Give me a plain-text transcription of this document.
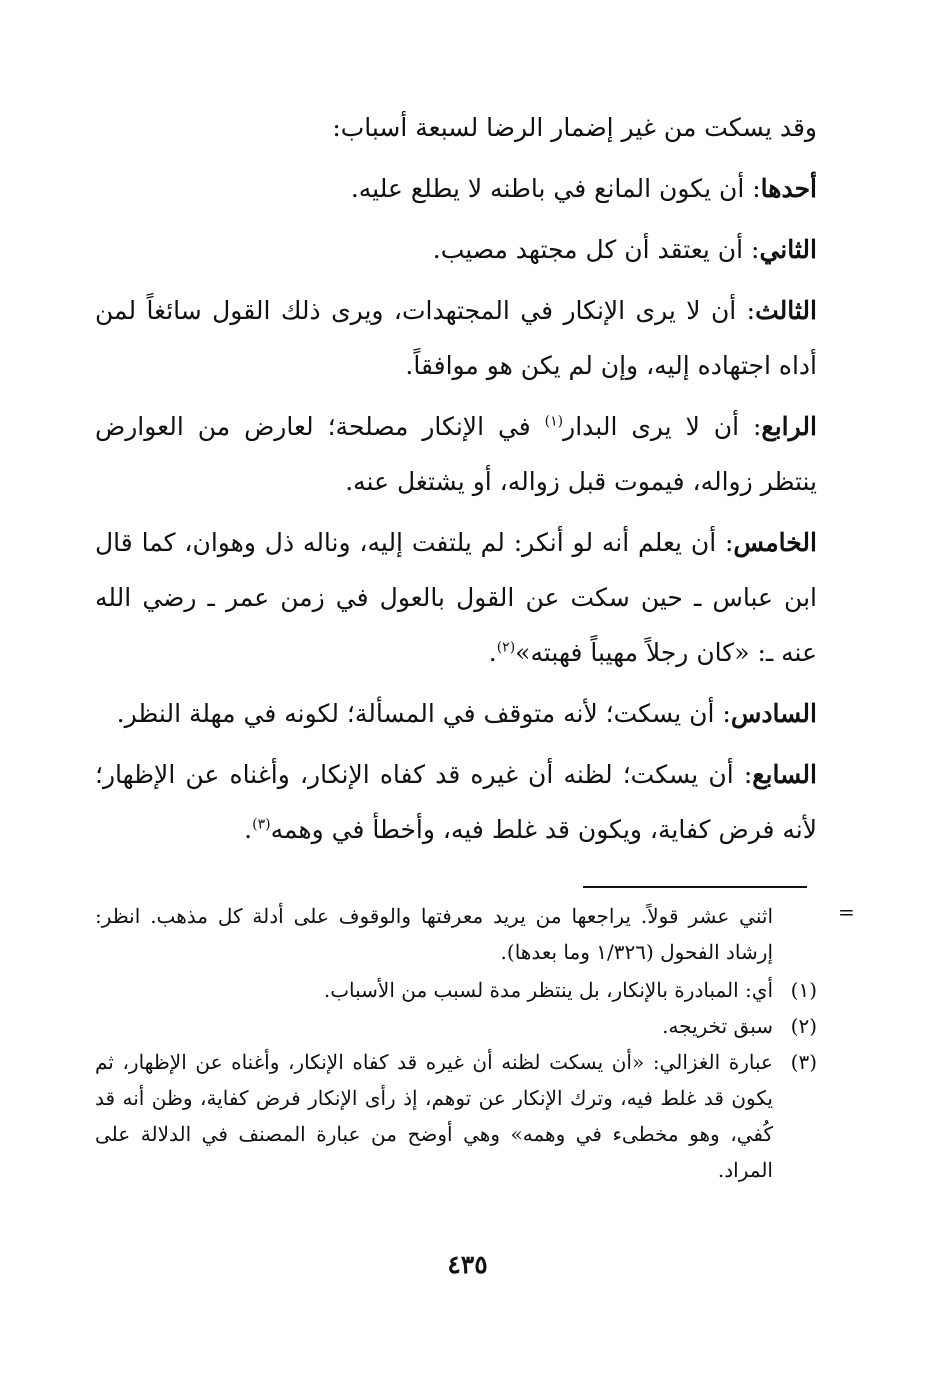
وقد يسكت من غير إضمار الرضا لسبعة أسباب:

أحدها: أن يكون المانع في باطنه لا يطلع عليه.

الثاني: أن يعتقد أن كل مجتهد مصيب.

الثالث: أن لا يرى الإنكار في المجتهدات، ويرى ذلك القول سائغاً لمن أداه اجتهاده إليه، وإن لم يكن هو موافقاً.

الرابع: أن لا يرى البدار$^{(١)}$ في الإنكار مصلحة؛ لعارض من العوارض ينتظر زواله، فيموت قبل زواله، أو يشتغل عنه.

الخامس: أن يعلم أنه لو أنكر: لم يلتفت إليه، وناله ذل وهوان، كما قال ابن عباس ـ حين سكت عن القول بالعول في زمن عمر ـ رضي الله عنه ـ: «كان رجلاً مهيباً فهبته»$^{(٢)}$.

السادس: أن يسكت؛ لأنه متوقف في المسألة؛ لكونه في مهلة النظر.

السابع: أن يسكت؛ لظنه أن غيره قد كفاه الإنكار، وأغناه عن الإظهار؛ لأنه فرض كفاية، ويكون قد غلط فيه، وأخطأ في وهمه$^{(٣)}$.

=
اثني عشر قولاً. يراجعها من يريد معرفتها والوقوف على أدلة كل مذهب. انظر: إرشاد الفحول (١/٣٢٦ وما بعدها).
(١)
أي: المبادرة بالإنكار، بل ينتظر مدة لسبب من الأسباب.
(٢)
سبق تخريجه.
(٣)
عبارة الغزالي: «أن يسكت لظنه أن غيره قد كفاه الإنكار، وأغناه عن الإظهار، ثم يكون قد غلط فيه، وترك الإنكار عن توهم، إذ رأى الإنكار فرض كفاية، وظن أنه قد كُفي، وهو مخطىء في وهمه» وهي أوضح من عبارة المصنف في الدلالة على المراد.
٤٣٥
